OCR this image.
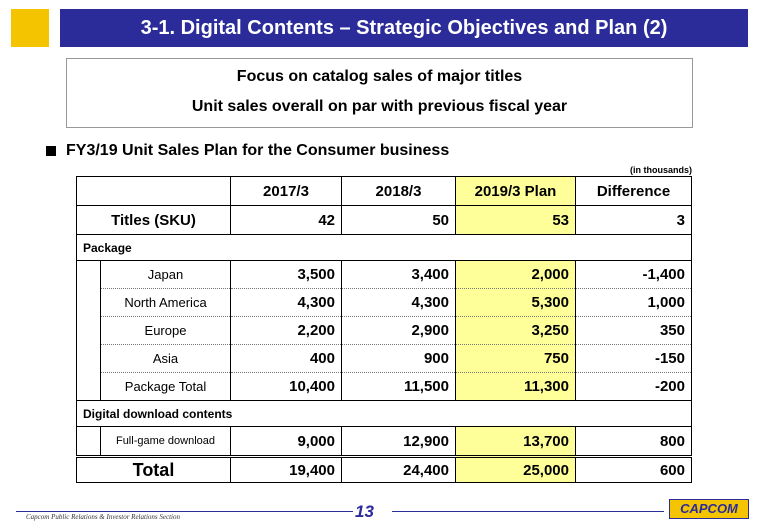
3-1. Digital Contents – Strategic Objectives and Plan (2)
Focus on catalog sales of major titles
Unit sales overall on par with previous fiscal year
FY3/19 Unit Sales Plan for the Consumer business
(in thousands)
		2017/3	2018/3	2019/3 Plan	Difference
Titles (SKU)		42	50	53	3
Package					
	Japan	3,500	3,400	2,000	-1,400
	North America	4,300	4,300	5,300	1,000
	Europe	2,200	2,900	3,250	350
	Asia	400	900	750	-150
	Package Total	10,400	11,500	11,300	-200
Digital download contents					
	Full-game download	9,000	12,900	13,700	800
Total		19,400	24,400	25,000	600
Capcom Public Relations & Investor Relations Section	13	CAPCOM
